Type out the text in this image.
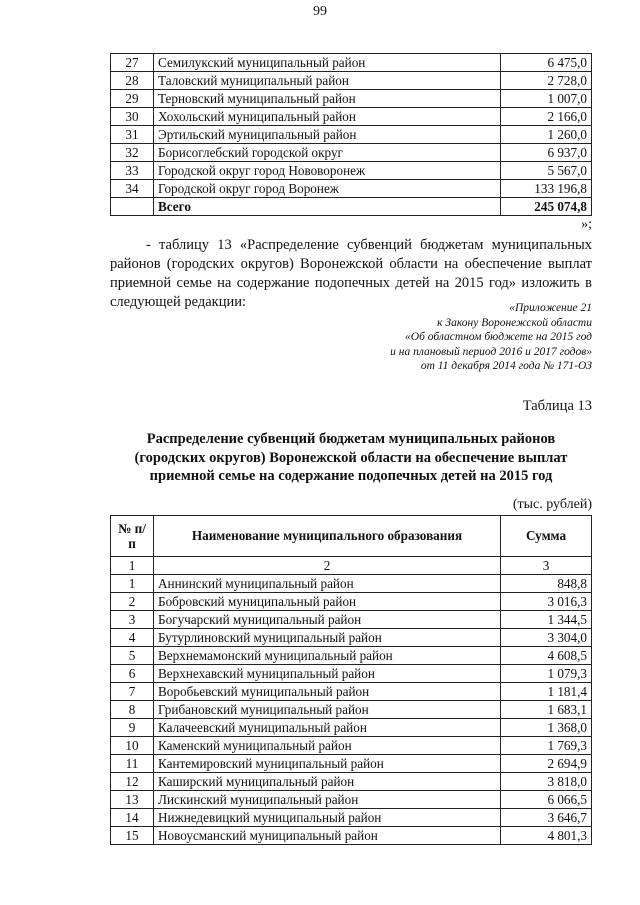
99
27	Семилукский муниципальный район	6 475,0
28	Таловский муниципальный район	2 728,0
29	Терновский муниципальный район	1 007,0
30	Хохольский муниципальный район	2 166,0
31	Эртильский муниципальный район	1 260,0
32	Борисоглебский городской округ	6 937,0
33	Городской округ город Нововоронеж	5 567,0
34	Городской округ город Воронеж	133 196,8
	Всего	245 074,8
»;
- таблицу 13 «Распределение субвенций бюджетам муниципальных районов (городских округов) Воронежской области на обеспечение выплат приемной семье на содержание подопечных детей на 2015 год» изложить в следующей редакции:	«Приложение 21
к Закону Воронежской области
«Об областном бюджете на 2015 год
и на плановый период 2016 и 2017 годов»
от 11 декабря 2014 года № 171-ОЗ
Таблица 13
Распределение субвенций бюджетам муниципальных районов (городских округов) Воронежской области на обеспечение выплат приемной семье на содержание подопечных детей на 2015 год
(тыс. рублей)
№ п/п	Наименование муниципального образования	Сумма
1	2	3
1	Аннинский муниципальный район	848,8
2	Бобровский муниципальный район	3 016,3
3	Богучарский муниципальный район	1 344,5
4	Бутурлиновский муниципальный район	3 304,0
5	Верхнемамонский муниципальный район	4 608,5
6	Верхнехавский муниципальный район	1 079,3
7	Воробьевский муниципальный район	1 181,4
8	Грибановский муниципальный район	1 683,1
9	Калачеевский муниципальный район	1 368,0
10	Каменский муниципальный район	1 769,3
11	Кантемировский муниципальный район	2 694,9
12	Каширский муниципальный район	3 818,0
13	Лискинский муниципальный район	6 066,5
14	Нижнедевицкий муниципальный район	3 646,7
15	Новоусманский муниципальный район	4 801,3
